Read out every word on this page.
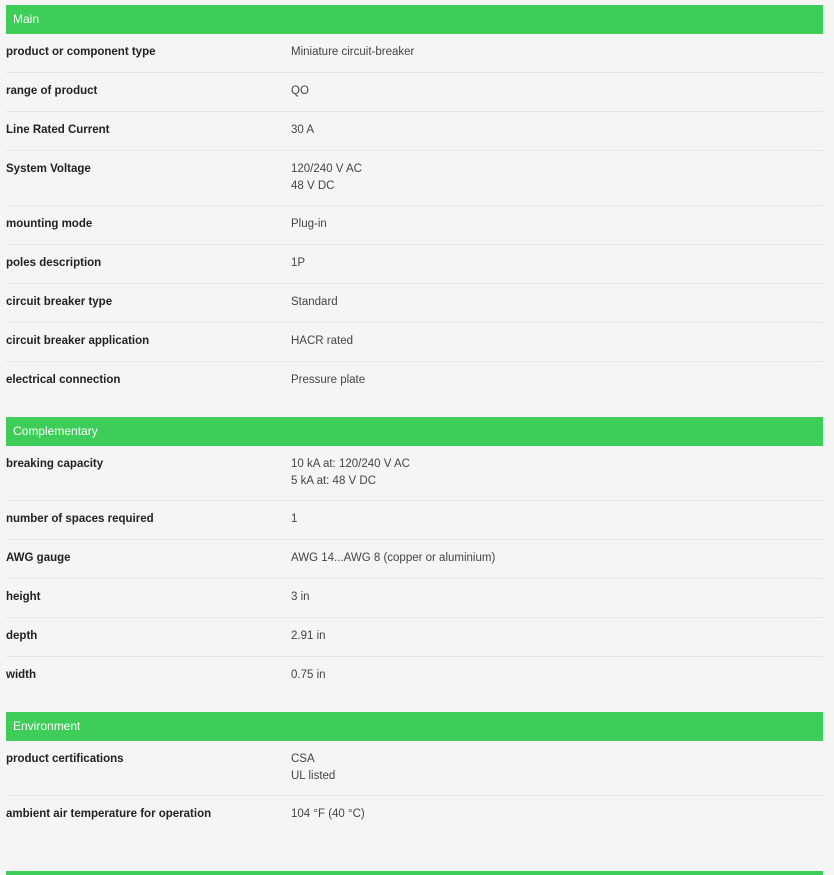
Main
product or component type	Miniature circuit-breaker
range of product	QO
Line Rated Current	30 A
System Voltage	120/240 V AC
48 V DC
mounting mode	Plug-in
poles description	1P
circuit breaker type	Standard
circuit breaker application	HACR rated
electrical connection	Pressure plate
Complementary
breaking capacity	10 kA at: 120/240 V AC
5 kA at: 48 V DC
number of spaces required	1
AWG gauge	AWG 14...AWG 8 (copper or aluminium)
height	3 in
depth	2.91 in
width	0.75 in
Environment
product certifications	CSA
UL listed
ambient air temperature for operation	104 °F (40 °C)
